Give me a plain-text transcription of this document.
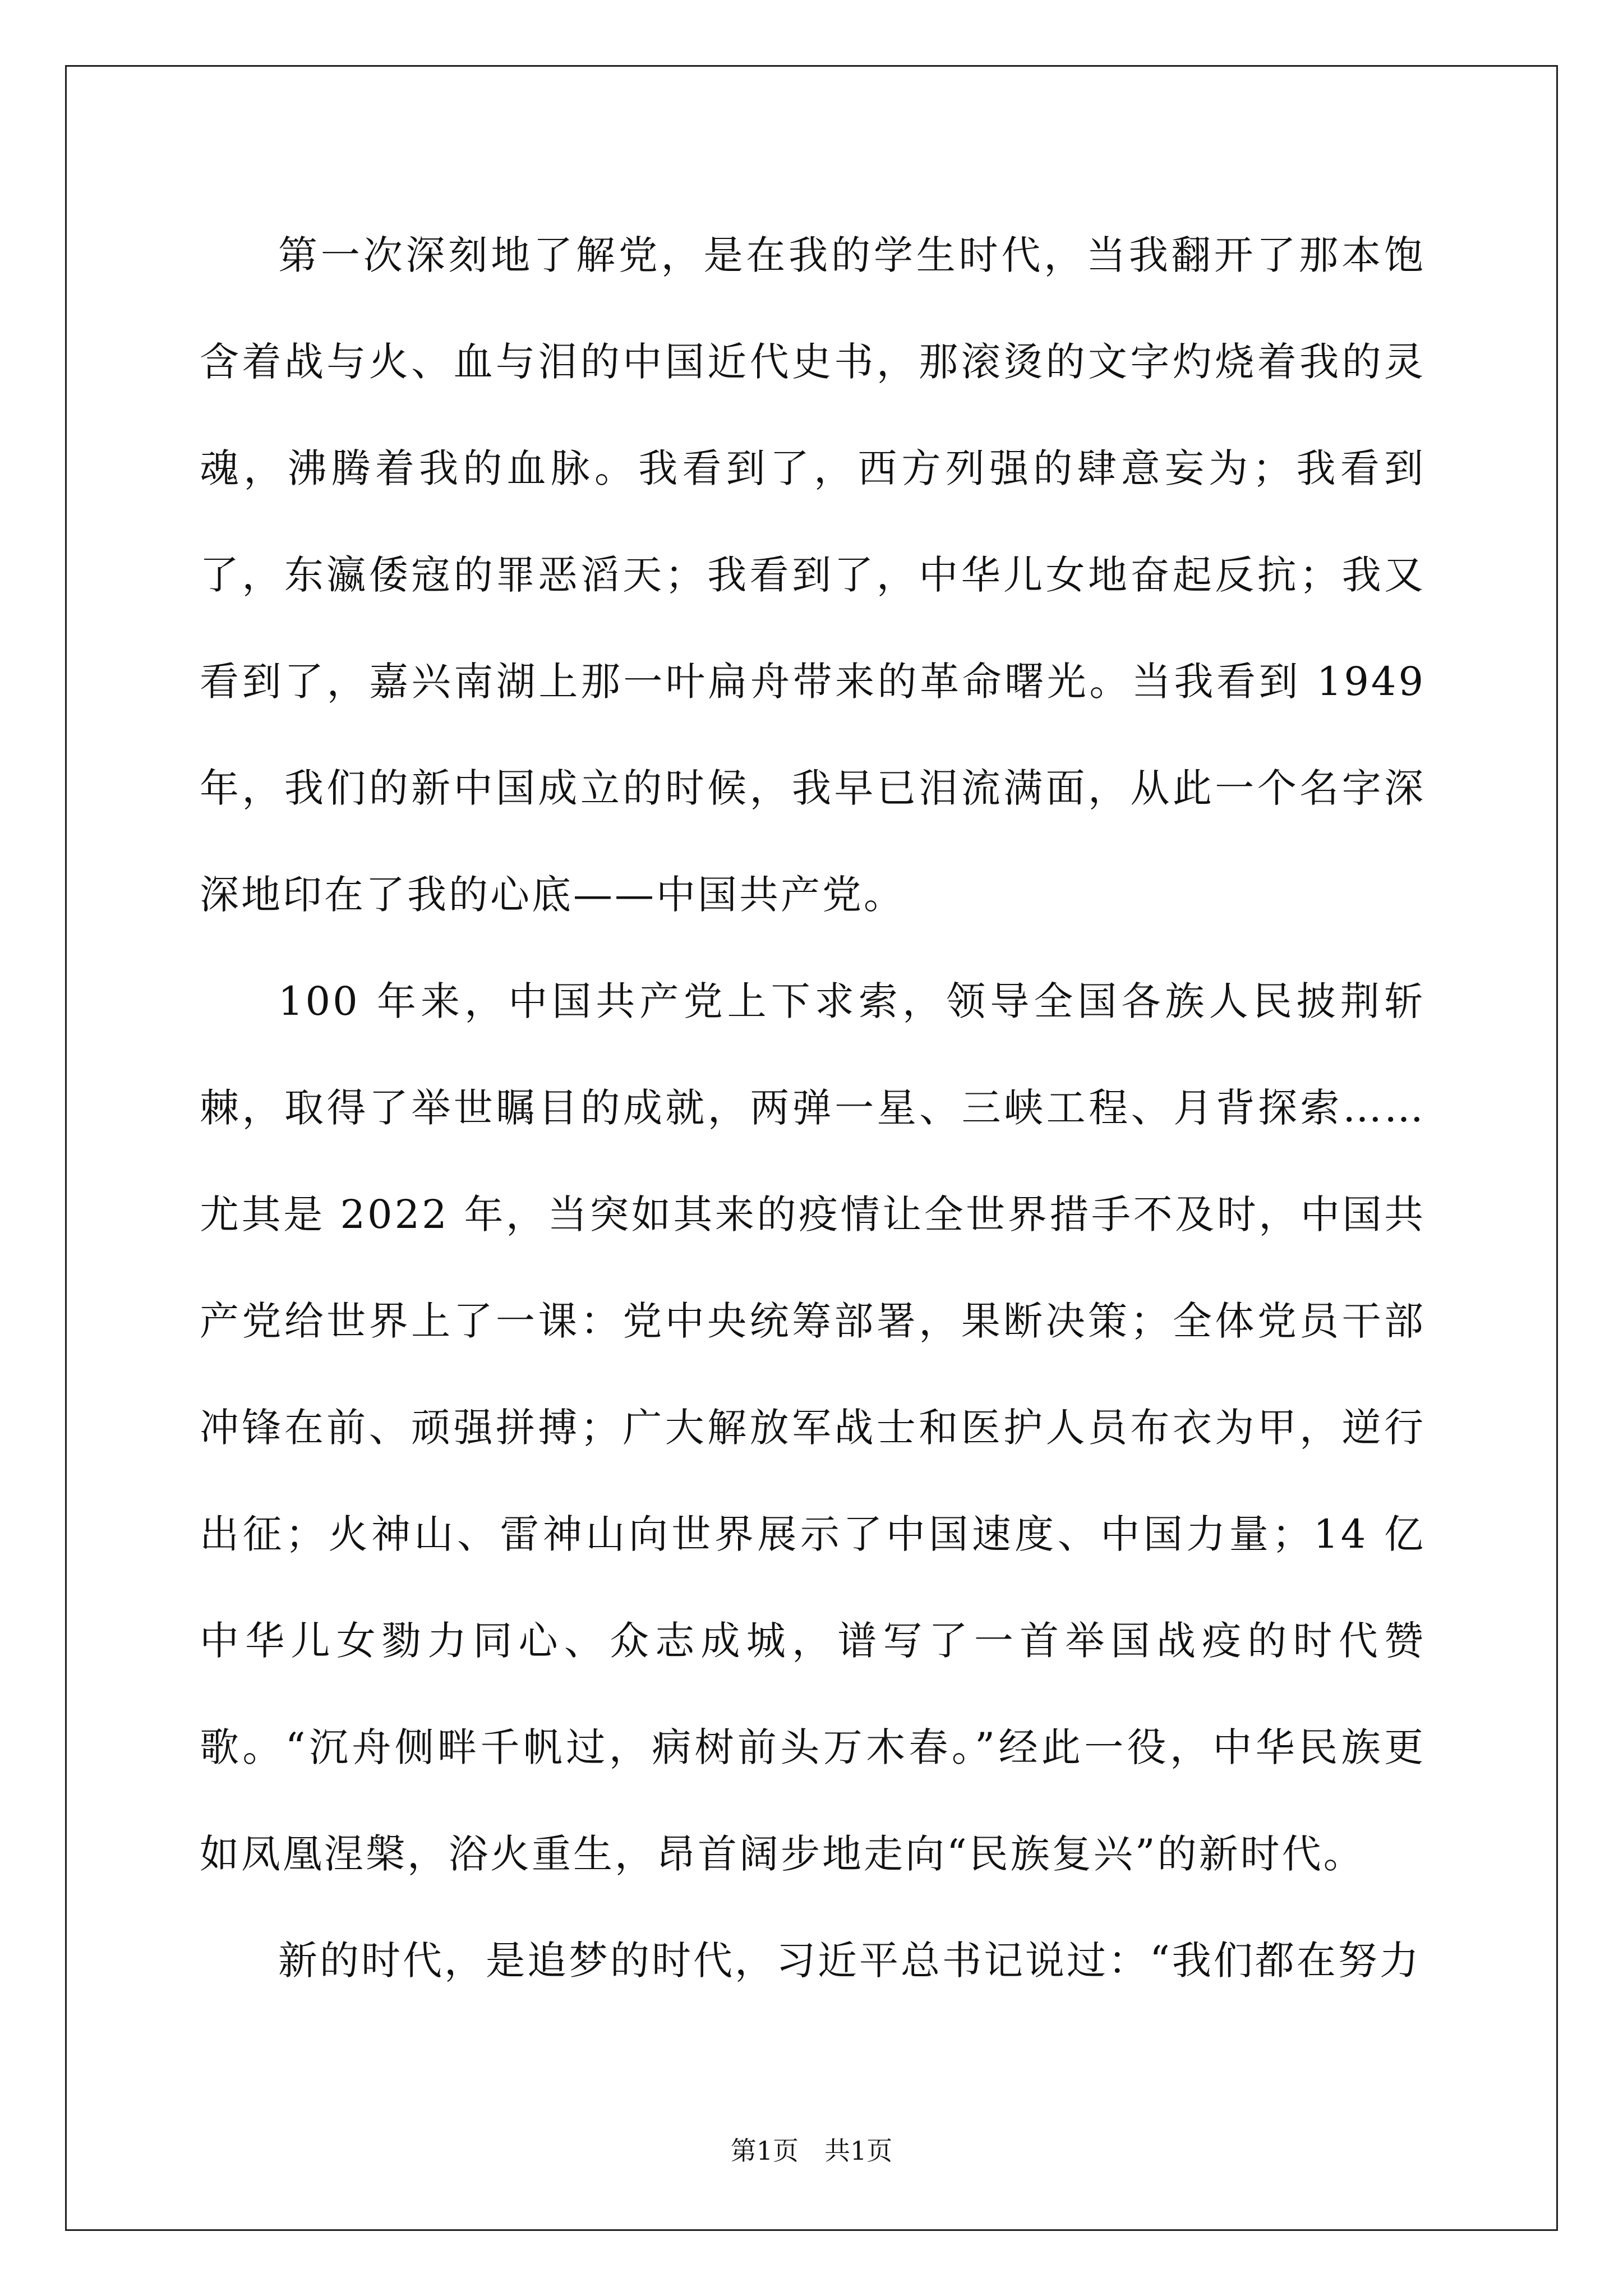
第一次深刻地了解党，是在我的学生时代，当我翻开了那本饱含着战与火、血与泪的中国近代史书，那滚烫的文字灼烧着我的灵魂，沸腾着我的血脉。我看到了，西方列强的肆意妄为；我看到了，东瀛倭寇的罪恶滔天；我看到了，中华儿女地奋起反抗；我又看到了，嘉兴南湖上那一叶扁舟带来的革命曙光。当我看到 1949 年，我们的新中国成立的时候，我早已泪流满面，从此一个名字深深地印在了我的心底——中国共产党。

100 年来，中国共产党上下求索，领导全国各族人民披荆斩棘，取得了举世瞩目的成就，两弹一星、三峡工程、月背探索……尤其是 2022 年，当突如其来的疫情让全世界措手不及时，中国共产党给世界上了一课：党中央统筹部署，果断决策；全体党员干部冲锋在前、顽强拼搏；广大解放军战士和医护人员布衣为甲，逆行出征；火神山、雷神山向世界展示了中国速度、中国力量；14 亿中华儿女勠力同心、众志成城，谱写了一首举国战疫的时代赞歌。“沉舟侧畔千帆过，病树前头万木春。”经此一役，中华民族更如凤凰涅槃，浴火重生，昂首阔步地走向“民族复兴”的新时代。

新的时代，是追梦的时代，习近平总书记说过：“我们都在努力

第1页　共1页
